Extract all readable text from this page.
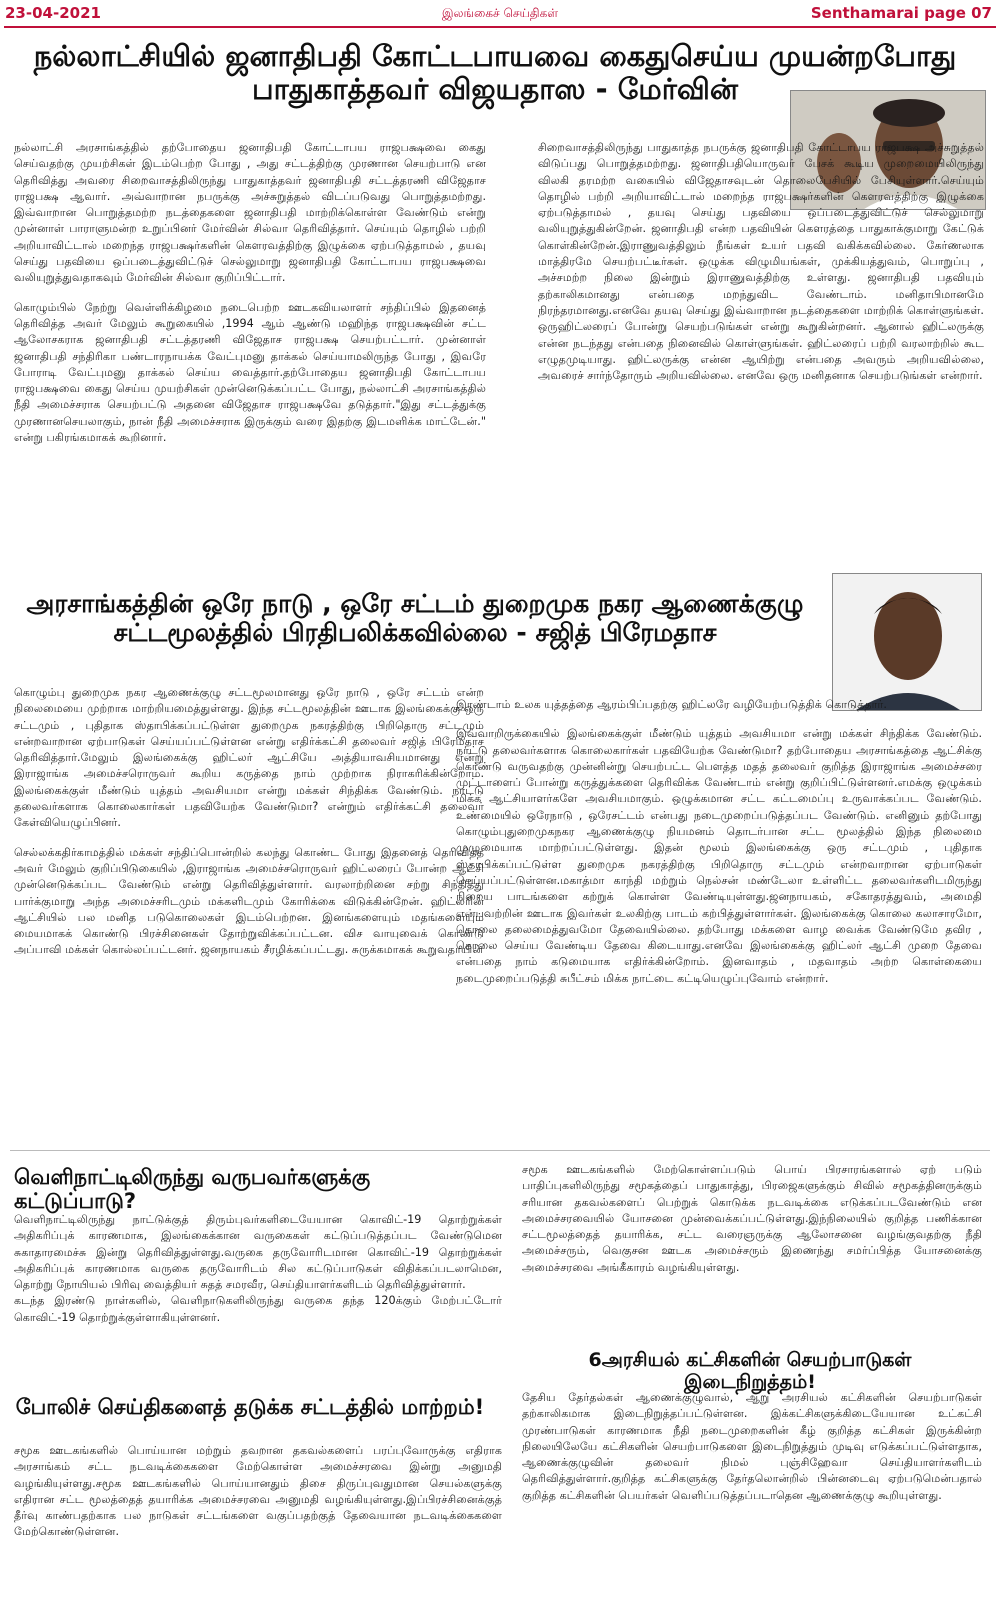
23-04-2021	இலங்கைச் செய்திகள்	Senthamarai page 07
நல்லாட்சியில் ஜனாதிபதி கோட்டபாயவை கைதுசெய்ய முயன்றபோது பாதுகாத்தவர் விஜயதாஸ - மேர்வின்

நல்லாட்சி அரசாங்கத்தில் தற்போதைய ஜனாதிபதி கோட்டாபய ராஜபக்ஷவை கைது செய்வதற்கு முயற்சிகள் இடம்பெற்ற போது , அது சட்டத்திற்கு முரணான செயற்பாடு என தெரிவித்து அவரை சிறைவாசத்திலிருந்து பாதுகாத்தவர் ஜனாதிபதி சட்டத்தரணி விஜேதாச ராஜபக்ஷ ஆவார். அவ்வாறான நபருக்கு அச்சுறுத்தல் விடப்படுவது பொறுத்தமற்றது. இவ்வாறான பொறுத்தமற்ற நடத்தைகளை ஜனாதிபதி மாற்றிக்கொள்ள வேண்டும் என்று முன்னாள் பாராளுமன்ற உறுப்பினர் மேர்வின் சில்வா தெரிவித்தார். செய்யும் தொழில் பற்றி அறியாவிட்டால் மறைந்த ராஜபக்ஷர்களின் கௌரவத்திற்கு இழுக்கை ஏற்படுத்தாமல் , தயவு செய்து பதவியை ஒப்படைத்துவிட்டுச் செல்லுமாறு ஜனாதிபதி கோட்டாபய ராஜபக்ஷவை வலியுறுத்துவதாகவும் மேர்வின் சில்வா குறிப்பிட்டார்.

கொழும்பில் நேற்று வெள்ளிக்கிழமை நடைபெற்ற ஊடகவியலாளர் சந்திப்பில் இதனைத் தெரிவித்த அவர் மேலும் கூறுகையில் ,1994 ஆம் ஆண்டு மஹிந்த ராஜபக்ஷவின் சட்ட ஆலோசகராக ஜனாதிபதி சட்டத்தரணி விஜேதாச ராஜபக்ஷ செயற்பட்டார். முன்னாள் ஜனாதிபதி சந்திரிகா பண்டாரநாயக்க வேட்புமனு தாக்கல் செய்யாமலிருந்த போது , இவரே போராடி வேட்புமனு தாக்கல் செய்ய வைத்தார்.தற்போதைய ஜனாதிபதி கோட்டாபய ராஜபக்ஷவை கைது செய்ய முயற்சிகள் முன்னெடுக்கப்பட்ட போது, நல்லாட்சி அரசாங்கத்தில் நீதி அமைச்சராக செயற்பட்டு அதனை விஜேதாச ராஜபக்ஷவே தடுத்தார்."இது சட்டத்துக்கு முரணானசெயலாகும், நான் நீதி அமைச்சராக இருக்கும் வரை இதற்கு இடமளிக்க மாட்டேன்." என்று பகிரங்கமாகக் கூறினார்.

சிறைவாசத்திலிருந்து பாதுகாத்த நபருக்கு ஜனாதிபதி கோட்டாபய ராஜபக்ஷ அச்சுறுத்தல் விடுப்பது பொறுத்தமற்றது. ஜனாதிபதியொருவர் பேசக் கூடிய முறைமையிலிருந்து விலகி தரமற்ற வகையில் விஜேதாசவுடன் தொலைபேசியில் பேசியுள்ளார்.செய்யும் தொழில் பற்றி அறியாவிட்டால் மறைந்த ராஜபக்ஷர்களின் கௌரவத்திற்கு இழுக்கை ஏற்படுத்தாமல் , தயவு செய்து பதவியை ஒப்படைத்துவிட்டுச் செல்லுமாறு வலியுறுத்துகின்றேன். ஜனாதிபதி என்ற பதவியின் கௌரத்தை பாதுகாக்குமாறு கேட்டுக் கொள்கின்றேன்.இராணுவத்திலும் நீங்கள் உயர் பதவி வகிக்கவில்லை. கேர்ணலாக மாத்திரமே செயற்பட்டீர்கள். ஒழுக்க விழுமியங்கள், முக்கியத்துவம், பொறுப்பு , அச்சமற்ற நிலை இன்றும் இராணுவத்திற்கு உள்ளது. ஜனாதிபதி பதவியும் தற்காலிகமானது என்பதை மறந்துவிட வேண்டாம். மனிதாபிமானமே நிரந்தரமானது.எனவே தயவு செய்து இவ்வாறான நடத்தைகளை மாற்றிக் கொள்ளுங்கள். ஒருஹிட்லரைப் போன்று செயற்படுங்கள் என்று கூறுகின்றனர். ஆனால் ஹிட்லருக்கு என்ன நடந்தது என்பதை நினைவில் கொள்ளுங்கள். ஹிட்லரைப் பற்றி வரலாற்றில் கூட எழுதமுடியாது. ஹிட்லருக்கு என்ன ஆயிற்று என்பதை அவரும் அறியவில்லை, அவரைச் சார்ந்தோரும் அறியவில்லை. எனவே ஒரு மனிதனாக செயற்படுங்கள் என்றார்.

அரசாங்கத்தின் ஒரே நாடு , ஒரே சட்டம் துறைமுக நகர ஆணைக்குழு சட்டமூலத்தில் பிரதிபலிக்கவில்லை - சஜித் பிரேமதாச

கொழும்பு துறைமுக நகர ஆணைக்குழு சட்டமூலமானது ஒரே நாடு , ஒரே சட்டம் என்ற நிலைமையை முற்றாக மாற்றியமைத்துள்ளது. இந்த சட்டமூலத்தின் ஊடாக இலங்கைக்கு ஒரு சட்டமும் , புதிதாக ஸ்தாபிக்கப்பட்டுள்ள துறைமுக நகரத்திற்கு பிறிதொரு சட்டமும் என்றவாறான ஏற்பாடுகள் செய்யப்பட்டுள்ளன என்று எதிர்க்கட்சி தலைவர் சஜித் பிரேமதாச தெரிவித்தார்.மேலும் இலங்கைக்கு ஹிட்லர் ஆட்சியே அத்தியாவசியமானது என்று இராஜாங்க அமைச்சரொருவர் கூறிய கருத்தை நாம் முற்றாக நிராகரிக்கின்றோம். இலங்கைக்குள் மீண்டும் யுத்தம் அவசியமா என்று மக்கள் சிந்திக்க வேண்டும். நாட்டு தலைவர்களாக கொலைகார்கள் பதவியேற்க வேண்டுமா? என்றும் எதிர்க்கட்சி தலைவர் கேள்வியெழுப்பினர்.

செல்லக்கதிர்காமத்தில் மக்கள் சந்திப்பொன்றில் கலந்து கொண்ட போது இதனைத் தெரிவித்த அவர் மேலும் குறிப்பிடுகையில் ,இராஜாங்க அமைச்சரொருவர் ஹிட்லரைப் போன்ற ஆட்சி முன்னெடுக்கப்பட வேண்டும் என்று தெரிவித்துள்ளார். வரலாற்றினை சற்று சிந்தித்து பார்க்குமாறு அந்த அமைச்சரிடமும் மக்களிடமும் கோரிக்கை விடுக்கின்றேன். ஹிட்லரின் ஆட்சியில் பல மனித படுகொலைகள் இடம்பெற்றன. இனங்களையும் மதங்களையும் மையமாகக் கொண்டு பிரச்சினைகள் தோற்றுவிக்கப்பட்டன. விச வாயுவைக் கொண்டு அப்பாவி மக்கள் கொல்லப்பட்டனர். ஜனநாயகம் சீரழிக்கப்பட்டது. சுருக்கமாகக் கூறுவதாயின்

இரண்டாம் உலக யுத்தத்தை ஆரம்பிப்பதற்கு ஹிட்லரே வழியேற்படுத்திக் கொடுத்தார்.

இவ்வாறிருக்கையில் இலங்கைக்குள் மீண்டும் யுத்தம் அவசியமா என்று மக்கள் சிந்திக்க வேண்டும். நாட்டு தலைவர்களாக கொலைகார்கள் பதவியேற்க வேண்டுமா? தற்போதைய அரசாங்கத்தை ஆட்சிக்கு கொண்டு வருவதற்கு முன்னின்று செயற்பட்ட பௌத்த மதத் தலைவர் குறித்த இராஜாங்க அமைச்சரை முட்டாளைப் போன்று கருத்துக்களை தெரிவிக்க வேண்டாம் என்று குறிப்பிட்டுள்ளனர்.எமக்கு ஒழுக்கம் மிக்க ஆட்சியாளர்களே அவசியமாகும். ஒழுக்கமான சட்ட கட்டமைப்பு உருவாக்கப்பட வேண்டும். உண்மையில் ஒரேநாடு , ஒரேசட்டம் என்பது நடைமுறைப்படுத்தப்பட வேண்டும். எனினும் தற்போது கொழும்புதுறைமுகநகர ஆணைக்குழு நியமனம் தொடர்பான சட்ட மூலத்தில் இந்த நிலைமை முழுமையாக மாற்றப்பட்டுள்ளது. இதன் மூலம் இலங்கைக்கு ஒரு சட்டமும் , புதிதாக ஸ்தாபிக்கப்பட்டுள்ள துறைமுக நகரத்திற்கு பிறிதொரு சட்டமும் என்றவாறான ஏற்பாடுகள் செய்யப்பட்டுள்ளன.மகாத்மா காந்தி மற்றும் நெல்சன் மண்டேலா உள்ளிட்ட தலைவர்களிடமிருந்து நிறைய பாடங்களை கற்றுக் கொள்ள வேண்டியுள்ளது.ஜனநாயகம், சகோதரத்துவம், அமைதி என்பவற்றின் ஊடாக இவர்கள் உலகிற்கு பாடம் கற்பித்துள்ளார்கள். இலங்கைக்கு கொலை கலாசாரமோ, கொலை தலைமைத்துவமோ தேவையில்லை. தற்போது மக்களை வாழ வைக்க வேண்டுமே தவிர , கொலை செய்ய வேண்டிய தேவை கிடையாது.எனவே இலங்கைக்கு ஹிட்லர் ஆட்சி முறை தேவை என்பதை நாம் கடுமையாக எதிர்க்கின்றோம். இனவாதம் , மதவாதம் அற்ற கொள்கையை நடைமுறைப்படுத்தி சுபீட்சம் மிக்க நாட்டை கட்டியெழுப்புவோம் என்றார்.

வெளிநாட்டிலிருந்து வருபவர்களுக்கு கட்டுப்பாடு?

வெளிநாட்டிலிருந்து நாட்டுக்குத் திரும்புவர்களிடையேயான கொவிட்-19 தொற்றுக்கள் அதிகரிப்புக் காரணமாக, இலங்கைக்கான வருகைகள் கட்டுப்படுத்தப்பட வேண்டுமென சுகாதாரமைச்சு இன்று தெரிவித்துள்ளது.வருகை தருவோரிடமான கொவிட்-19 தொற்றுக்கள் அதிகரிப்புக் காரணமாக வருகை தருவோரிடம் சில கட்டுப்பாடுகள் விதிக்கப்படலாமென, தொற்று நோயியல் பிரிவு வைத்தியர் சுதத் சமரவீர, செய்தியாளர்களிடம் தெரிவித்துள்ளார்.

கடந்த இரண்டு நாள்களில், வெளிநாடுகளிலிருந்து வருகை தந்த 120க்கும் மேற்பட்டோர் கொவிட்-19 தொற்றுக்குள்ளாகியுள்ளனர்.

போலிச் செய்திகளைத் தடுக்க சட்டத்தில் மாற்றம்!

சமூக ஊடகங்களில் பொய்யான மற்றும் தவறான தகவல்களைப் பரப்புவோருக்கு எதிராக அரசாங்கம் சட்ட நடவடிக்கைகளை மேற்கொள்ள அமைச்சரவை இன்று அனுமதி வழங்கியுள்ளது.சமூக ஊடகங்களில் பொய்யானதும் திசை திருப்புவதுமான செயல்களுக்கு எதிரான சட்ட மூலத்தைத் தயாரிக்க அமைச்சரவை அனுமதி வழங்கியுள்ளது.இப்பிரச்சினைக்குத் தீர்வு காண்பதற்காக பல நாடுகள் சட்டங்களை வகுப்பதற்குத் தேவையான நடவடிக்கைகளை மேற்கொண்டுள்ளன.

சமூக ஊடகங்களில் மேற்கொள்ளப்படும் பொய் பிரசாரங்களால் ஏற் படும் பாதிப்புகளிலிருந்து சமூகத்தைப் பாதுகாத்து, பிரஜைகளுக்கும் சிவில் சமூகத்தினருக்கும் சரியான தகவல்களைப் பெற்றுக் கொடுக்க நடவடிக்கை எடுக்கப்படவேண்டும் என அமைச்சரவையில் யோசனை முன்வைக்கப்பட்டுள்ளது.இந்நிலையில் குறித்த பணிக்கான சட்டமூலத்தைத் தயாரிக்க, சட்ட வரைஞருக்கு ஆலோசனை வழங்குவதற்கு நீதி அமைச்சரும், வெகுசன ஊடக அமைச்சரும் இணைந்து சமர்ப்பித்த யோசனைக்கு அமைச்சரவை அங்கீகாரம் வழங்கியுள்ளது.

6அரசியல் கட்சிகளின் செயற்பாடுகள் இடைநிறுத்தம்!

தேசிய தேர்தல்கள் ஆணைக்குழுவால், ஆறு அரசியல் கட்சிகளின் செயற்பாடுகள் தற்காலிகமாக இடைநிறுத்தப்பட்டுள்ளன. இக்கட்சிகளுக்கிடையேயான உட்கட்சி முரண்பாடுகள் காரணமாக நீதி நடைமுறைகளின் கீழ் குறித்த கட்சிகள் இருக்கின்ற நிலையிலேயே கட்சிகளின் செயற்பாடுகளை இடைநிறுத்தும் முடிவு எடுக்கப்பட்டுள்ளதாக, ஆணைக்குழுவின் தலைவர் நிமல் புஞ்சிஹேவா செய்தியாளர்களிடம் தெரிவித்துள்ளார்.குறித்த கட்சிகளுக்கு தேர்தலொன்றில் பின்னடைவு ஏற்படுமென்பதால் குறித்த கட்சிகளின் பெயர்கள் வெளிப்படுத்தப்படாதென ஆணைக்குழு கூறியுள்ளது.
